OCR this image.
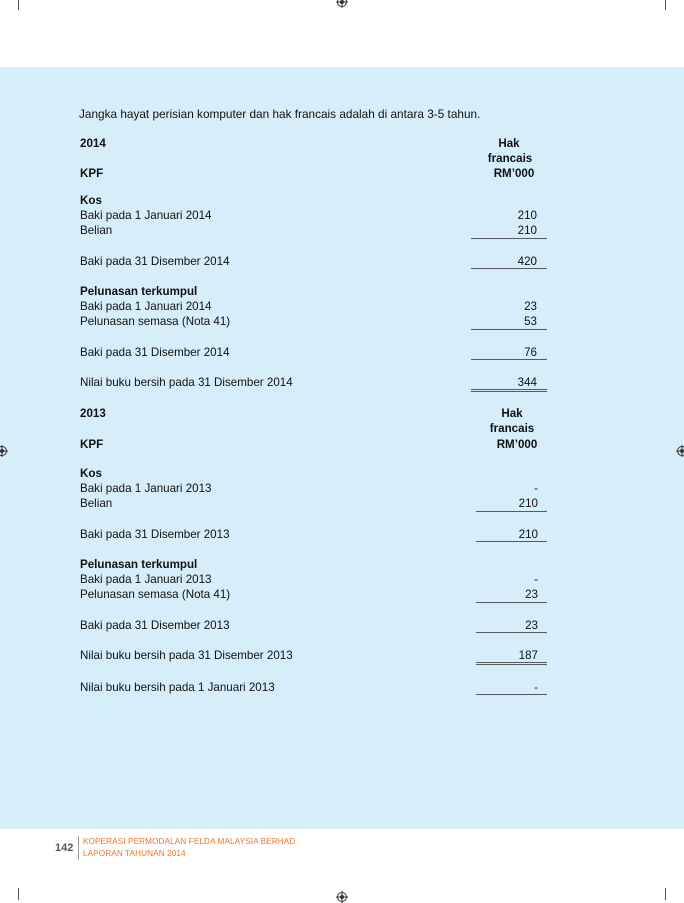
Jangka hayat perisian komputer dan hak francais adalah di antara 3-5 tahun.
2014	Hak
francais
KPF	RM’000
Kos
Baki pada 1 Januari 2014	210
Belian	210
Baki pada 31 Disember 2014	420
Pelunasan terkumpul
Baki pada 1 Januari 2014	23
Pelunasan semasa (Nota 41)	53
Baki pada 31 Disember 2014	76
Nilai buku bersih pada 31 Disember 2014	344
2013	Hak
francais
KPF	RM’000
Kos
Baki pada 1 Januari 2013	-
Belian	210
Baki pada 31 Disember 2013	210
Pelunasan terkumpul
Baki pada 1 Januari 2013	-
Pelunasan semasa (Nota 41)	23
Baki pada 31 Disember 2013	23
Nilai buku bersih pada 31 Disember 2013	187
Nilai buku bersih pada 1 Januari 2013	-
142
KOPERASI PERMODALAN FELDA MALAYSIA BERHAD
LAPORAN TAHUNAN 2014
